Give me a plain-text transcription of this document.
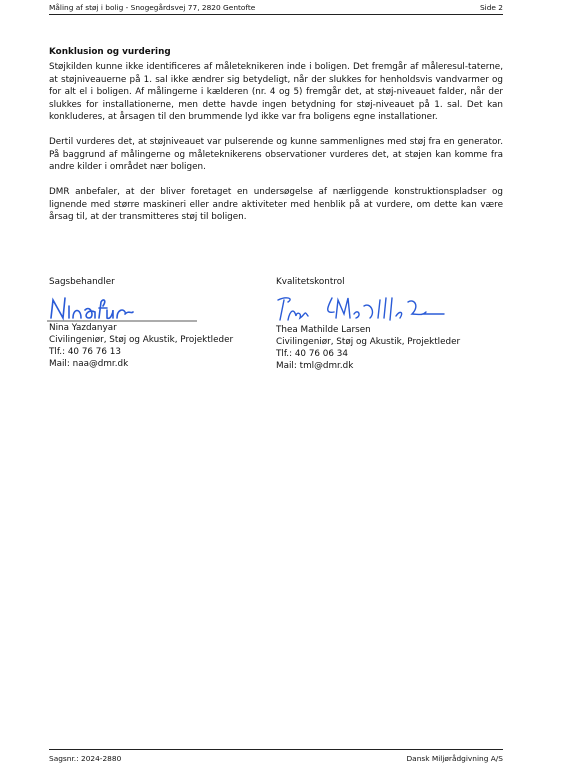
Måling af støj i bolig - Snogegårdsvej 77, 2820 Gentofte	Side 2
Konklusion og vurdering

Støjkilden kunne ikke identificeres af måleteknikeren inde i boligen. Det fremgår af måleresul-taterne, at støjniveauerne på 1. sal ikke ændrer sig betydeligt, når der slukkes for henholdsvis vandvarmer og for alt el i boligen. Af målingerne i kælderen (nr. 4 og 5) fremgår det, at støj-niveauet falder, når der slukkes for installationerne, men dette havde ingen betydning for støj-niveauet på 1. sal. Det kan konkluderes, at årsagen til den brummende lyd ikke var fra boligens egne installationer.

Dertil vurderes det, at støjniveauet var pulserende og kunne sammenlignes med støj fra en generator. På baggrund af målingerne og måleteknikerens observationer vurderes det, at støjen kan komme fra andre kilder i området nær boligen.

DMR anbefaler, at der bliver foretaget en undersøgelse af nærliggende konstruktionspladser og lignende med større maskineri eller andre aktiviteter med henblik på at vurdere, om dette kan være årsag til, at der transmitteres støj til boligen.

Sagsbehandler
Nina Yazdanyar
Civilingeniør, Støj og Akustik, Projektleder
Tlf.: 40 76 76 13
Mail: naa@dmr.dk
Kvalitetskontrol
Thea Mathilde Larsen
Civilingeniør, Støj og Akustik, Projektleder
Tlf.: 40 76 06 34
Mail: tml@dmr.dk
Sagsnr.: 2024-2880	Dansk Miljørådgivning A/S
